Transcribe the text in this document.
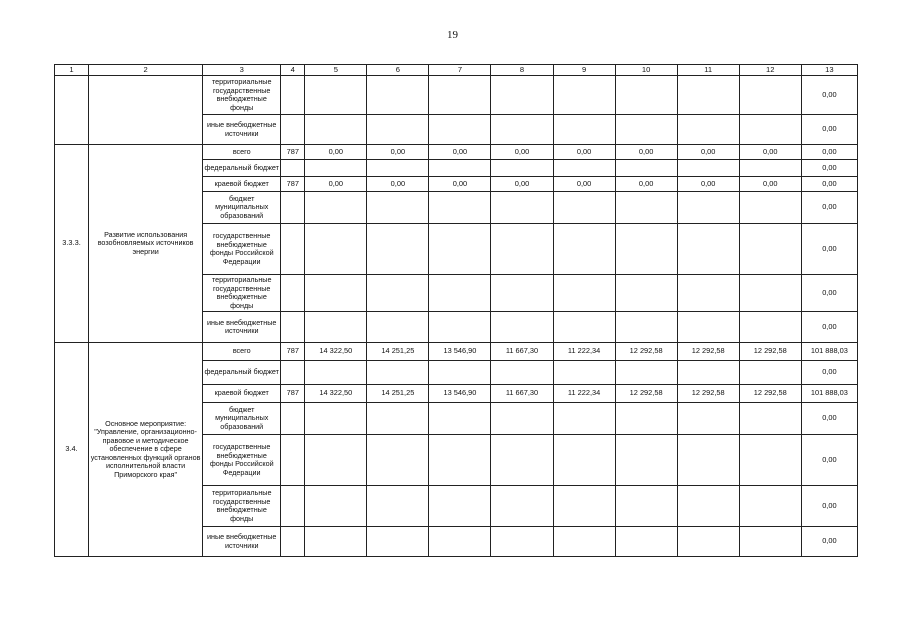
19
1	2	3	4	5	6	7	8	9	10	11	12	13
		территориальные государственные внебюджетные фонды										0,00
		иные внебюджетные источники										0,00
3.3.3.	Развитие использования возобновляемых источников энергии	всего	787	0,00	0,00	0,00	0,00	0,00	0,00	0,00	0,00	0,00
		федеральный бюджет										0,00
		краевой бюджет	787	0,00	0,00	0,00	0,00	0,00	0,00	0,00	0,00	0,00
		бюджет муниципальных образований										0,00
		государственные внебюджетные фонды Российской Федерации										0,00
		территориальные государственные внебюджетные фонды										0,00
		иные внебюджетные источники										0,00
3.4.	Основное мероприятие: "Управление, организационно-правовое и методическое обеспечение в сфере установленных функций органов исполнительной власти Приморского края"	всего	787	14 322,50	14 251,25	13 546,90	11 667,30	11 222,34	12 292,58	12 292,58	12 292,58	101 888,03
		федеральный бюджет										0,00
		краевой бюджет	787	14 322,50	14 251,25	13 546,90	11 667,30	11 222,34	12 292,58	12 292,58	12 292,58	101 888,03
		бюджет муниципальных образований										0,00
		государственные внебюджетные фонды Российской Федерации										0,00
		территориальные государственные внебюджетные фонды										0,00
		иные внебюджетные источники										0,00
